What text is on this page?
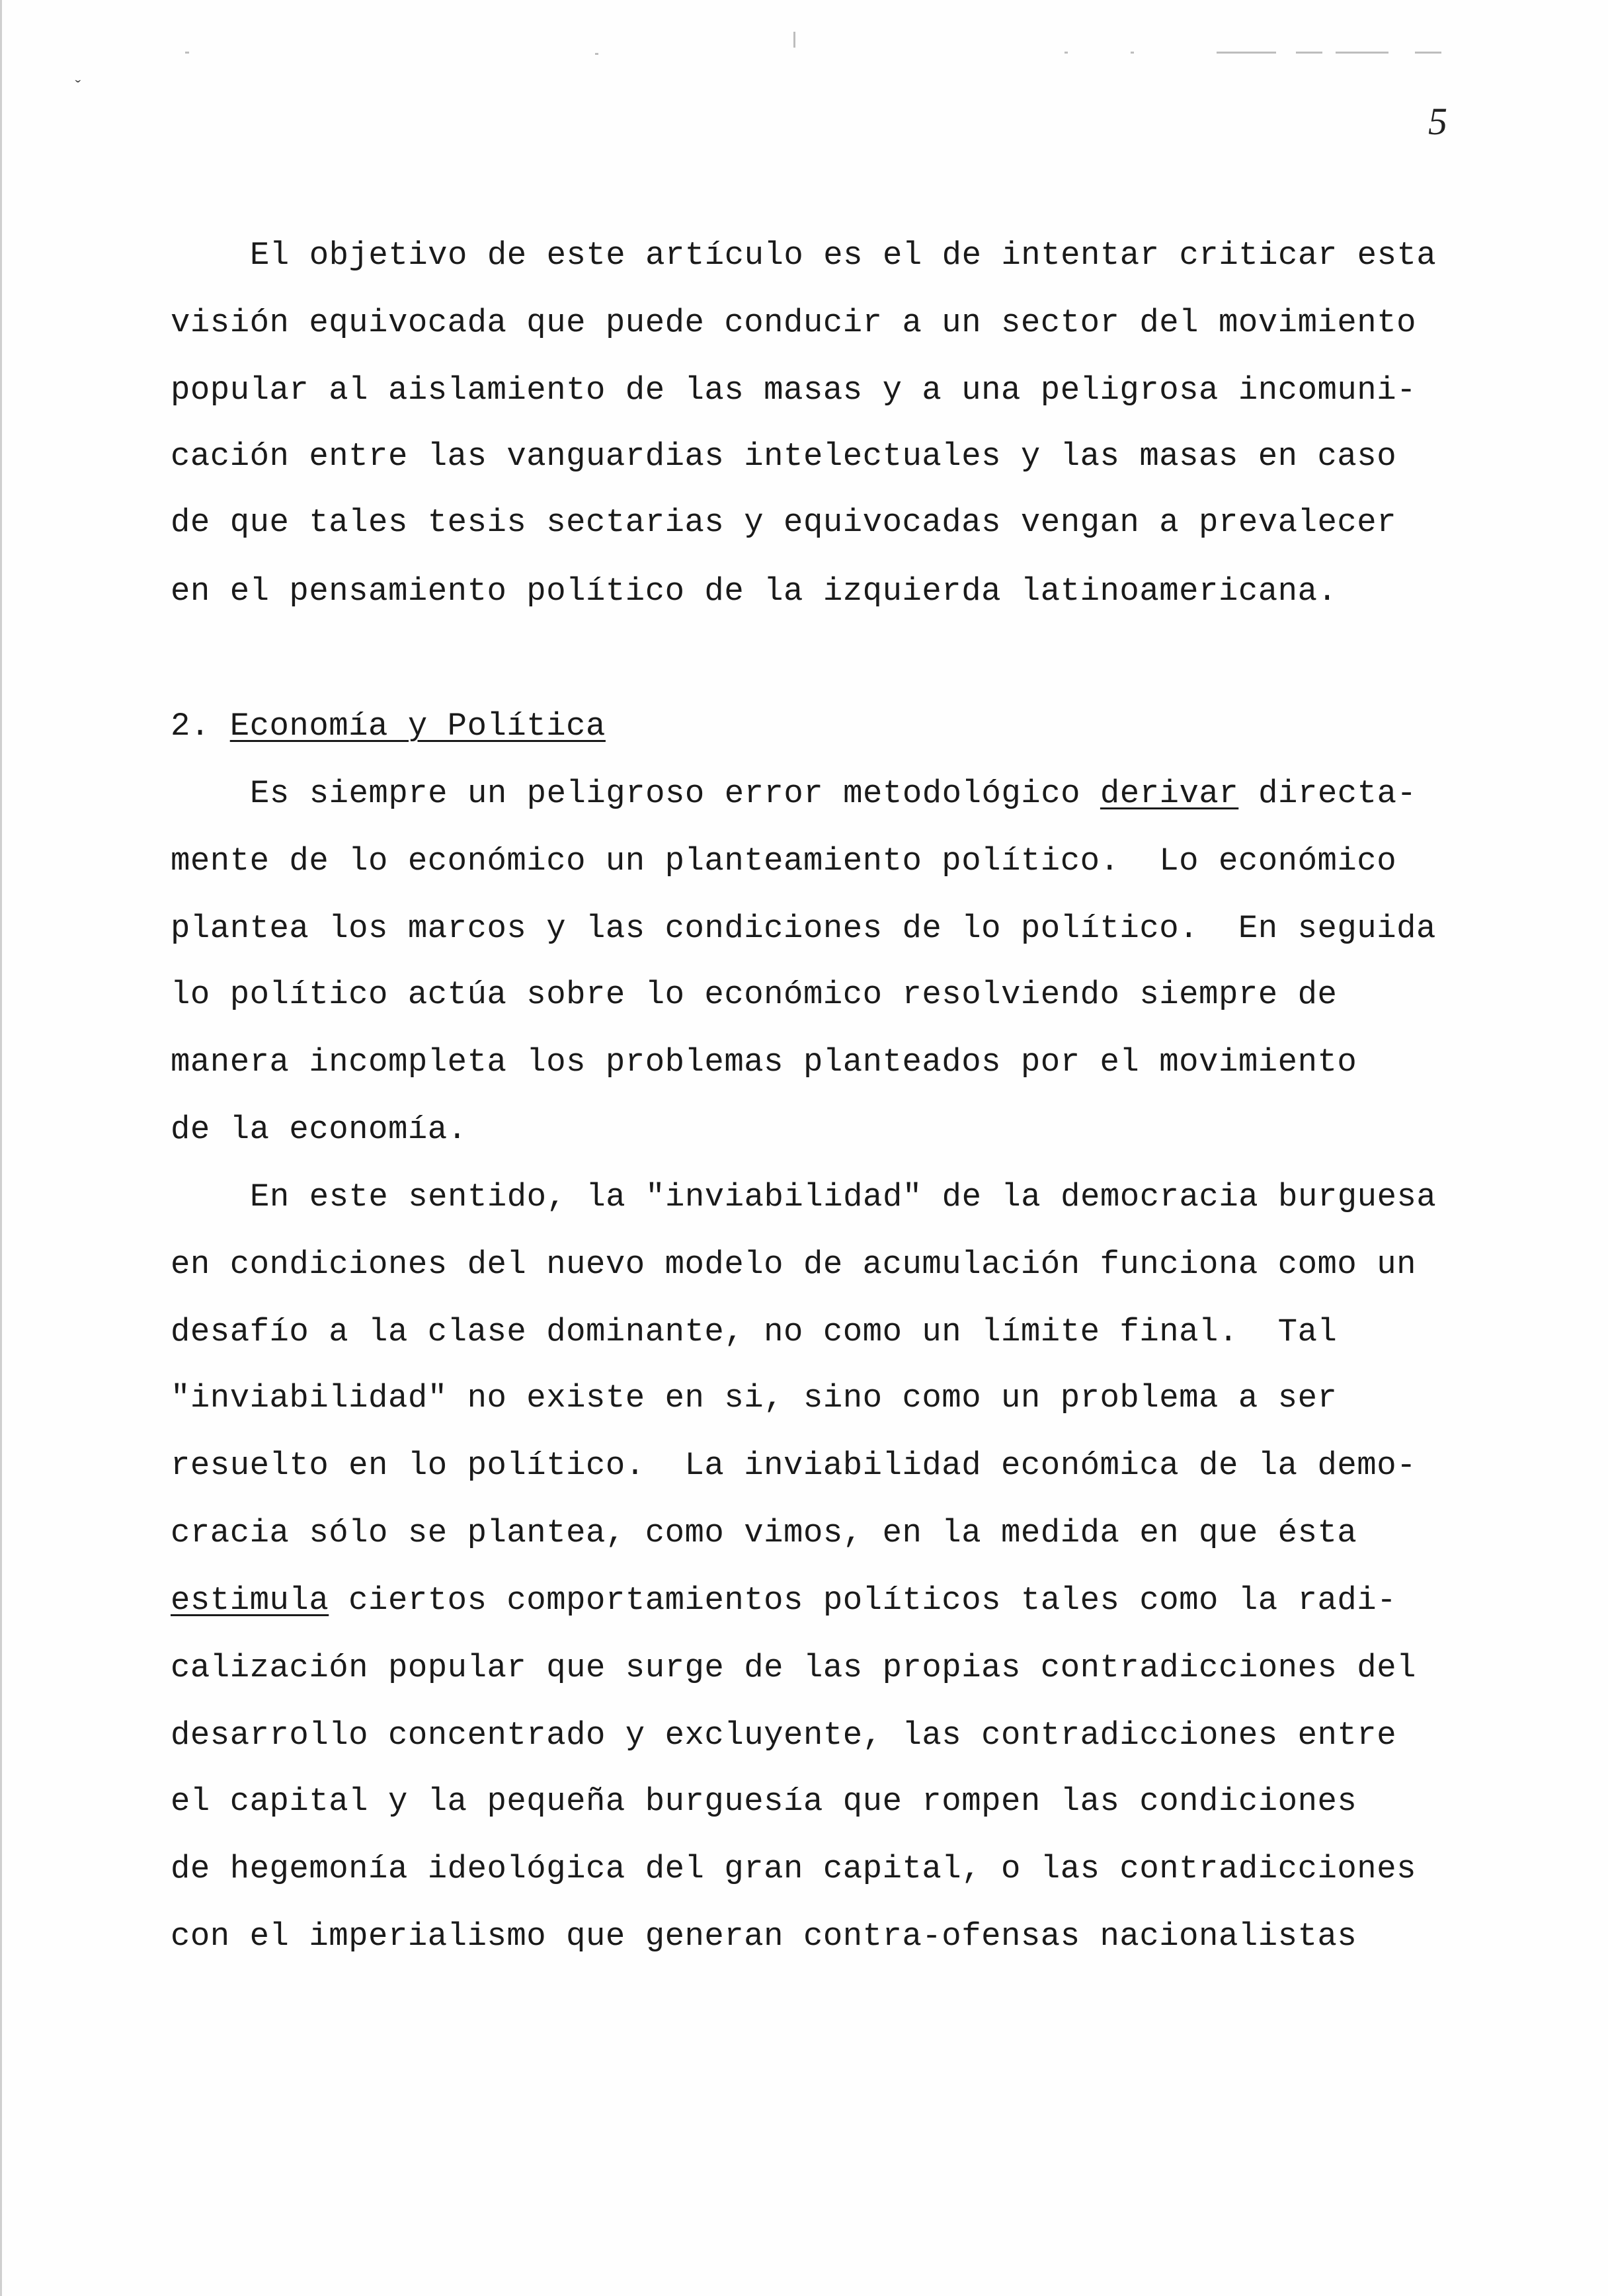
ˇ
5
El objetivo de este artículo es el de intentar criticar esta
visión equivocada que puede conducir a un sector del movimiento
popular al aislamiento de las masas y a una peligrosa incomuni-
cación entre las vanguardias intelectuales y las masas en caso
de que tales tesis sectarias y equivocadas vengan a prevalecer
en el pensamiento político de la izquierda latinoamericana.
2. Economía y Política
Es siempre un peligroso error metodológico derivar directa-
mente de lo económico un planteamiento político.  Lo económico
plantea los marcos y las condiciones de lo político.  En seguida
lo político actúa sobre lo económico resolviendo siempre de
manera incompleta los problemas planteados por el movimiento
de la economía.
En este sentido, la "inviabilidad" de la democracia burguesa
en condiciones del nuevo modelo de acumulación funciona como un
desafío a la clase dominante, no como un límite final.  Tal
"inviabilidad" no existe en si, sino como un problema a ser
resuelto en lo político.  La inviabilidad económica de la demo-
cracia sólo se plantea, como vimos, en la medida en que ésta
estimula ciertos comportamientos políticos tales como la radi-
calización popular que surge de las propias contradicciones del
desarrollo concentrado y excluyente, las contradicciones entre
el capital y la pequeña burguesía que rompen las condiciones
de hegemonía ideológica del gran capital, o las contradicciones
con el imperialismo que generan contra-ofensas nacionalistas
